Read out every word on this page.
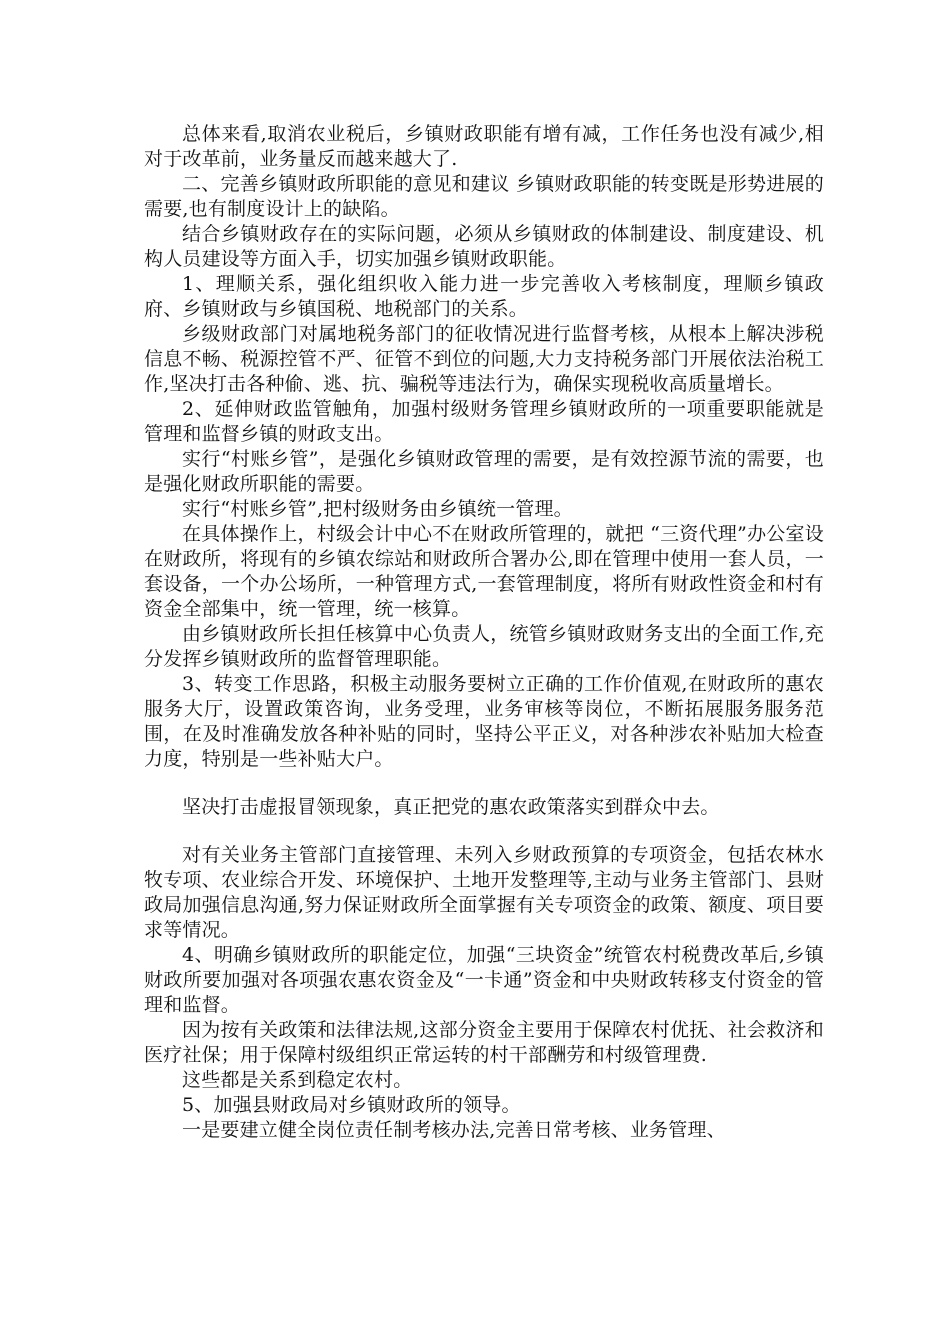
总体来看,取消农业税后，乡镇财政职能有增有减，工作任务也没有减少,相对于改革前，业务量反而越来越大了.

二、完善乡镇财政所职能的意见和建议 乡镇财政职能的转变既是形势进展的需要,也有制度设计上的缺陷。

结合乡镇财政存在的实际问题，必须从乡镇财政的体制建设、制度建设、机构人员建设等方面入手，切实加强乡镇财政职能。

1、理顺关系，强化组织收入能力进一步完善收入考核制度，理顺乡镇政府、乡镇财政与乡镇国税、地税部门的关系。

乡级财政部门对属地税务部门的征收情况进行监督考核，从根本上解决涉税信息不畅、税源控管不严、征管不到位的问题,大力支持税务部门开展依法治税工作,坚决打击各种偷、逃、抗、骗税等违法行为，确保实现税收高质量增长。

2、延伸财政监管触角，加强村级财务管理乡镇财政所的一项重要职能就是管理和监督乡镇的财政支出。

实行“村账乡管”，是强化乡镇财政管理的需要，是有效控源节流的需要，也是强化财政所职能的需要。

实行“村账乡管”,把村级财务由乡镇统一管理。

在具体操作上，村级会计中心不在财政所管理的，就把 “三资代理”办公室设在财政所，将现有的乡镇农综站和财政所合署办公,即在管理中使用一套人员，一套设备，一个办公场所，一种管理方式,一套管理制度，将所有财政性资金和村有资金全部集中，统一管理，统一核算。

由乡镇财政所长担任核算中心负责人，统管乡镇财政财务支出的全面工作,充分发挥乡镇财政所的监督管理职能。

3、转变工作思路，积极主动服务要树立正确的工作价值观,在财政所的惠农服务大厅，设置政策咨询，业务受理，业务审核等岗位，不断拓展服务服务范围，在及时准确发放各种补贴的同时，坚持公平正义，对各种涉农补贴加大检查力度，特别是一些补贴大户。

坚决打击虚报冒领现象，真正把党的惠农政策落实到群众中去。

对有关业务主管部门直接管理、未列入乡财政预算的专项资金，包括农林水牧专项、农业综合开发、环境保护、土地开发整理等,主动与业务主管部门、县财政局加强信息沟通,努力保证财政所全面掌握有关专项资金的政策、额度、项目要求等情况。

4、明确乡镇财政所的职能定位，加强“三块资金”统管农村税费改革后,乡镇财政所要加强对各项强农惠农资金及“一卡通”资金和中央财政转移支付资金的管理和监督。

因为按有关政策和法律法规,这部分资金主要用于保障农村优抚、社会救济和医疗社保；用于保障村级组织正常运转的村干部酬劳和村级管理费.

这些都是关系到稳定农村。

5、加强县财政局对乡镇财政所的领导。

一是要建立健全岗位责任制考核办法,完善日常考核、业务管理、
